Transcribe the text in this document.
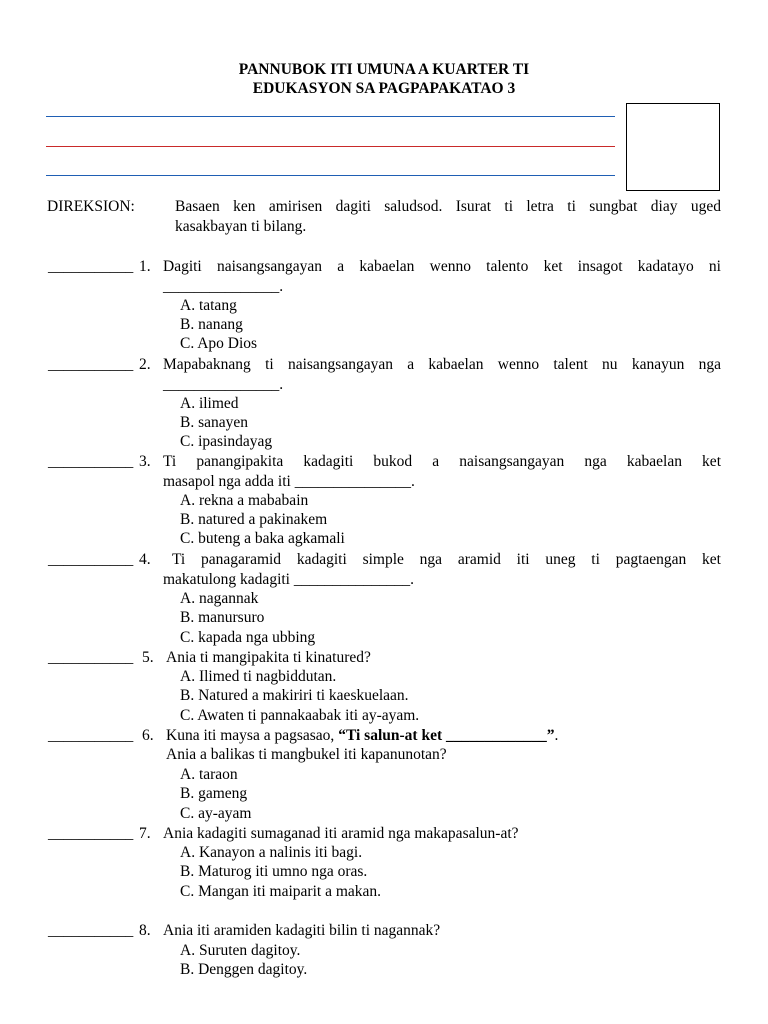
PANNUBOK ITI UMUNA A KUARTER TI
EDUKASYON SA PAGPAPAKATAO 3
DIREKSION:	Basaen ken amirisen dagiti saludsod. Isurat ti letra ti sungbat diay uged
kasakbayan ti bilang.
___________ 1. Dagiti naisangsangayan a kabaelan wenno talento ket insagot kadatayo ni
_______________.
A. tatang
B. nanang
C. Apo Dios
___________ 2. Mapabaknang ti naisangsangayan a kabaelan wenno talent nu kanayun nga
_______________.
A. ilimed
B. sanayen
C. ipasindayag
___________ 3. Ti panangipakita kadagiti bukod a naisangsangayan nga kabaelan ket
masapol nga adda iti _______________.
A. rekna a mababain
B. natured a pakinakem
C. buteng a baka agkamali
___________ 4. Ti panagaramid kadagiti simple nga aramid iti uneg ti pagtaengan ket
makatulong kadagiti _______________.
A. nagannak
B. manursuro
C. kapada nga ubbing
___________ 5. Ania ti mangipakita ti kinatured?
A. Ilimed ti nagbiddutan.
B. Natured a makiriri ti kaeskuelaan.
C. Awaten ti pannakaabak iti ay-ayam.
___________ 6. Kuna iti maysa a pagsasao, “Ti salun-at ket _____________”.
Ania a balikas ti mangbukel iti kapanunotan?
A. taraon
B. gameng
C. ay-ayam
___________ 7. Ania kadagiti sumaganad iti aramid nga makapasalun-at?
A. Kanayon a nalinis iti bagi.
B. Maturog iti umno nga oras.
C. Mangan iti maiparit a makan.
___________ 8. Ania iti aramiden kadagiti bilin ti nagannak?
A. Suruten dagitoy.
B. Denggen dagitoy.
